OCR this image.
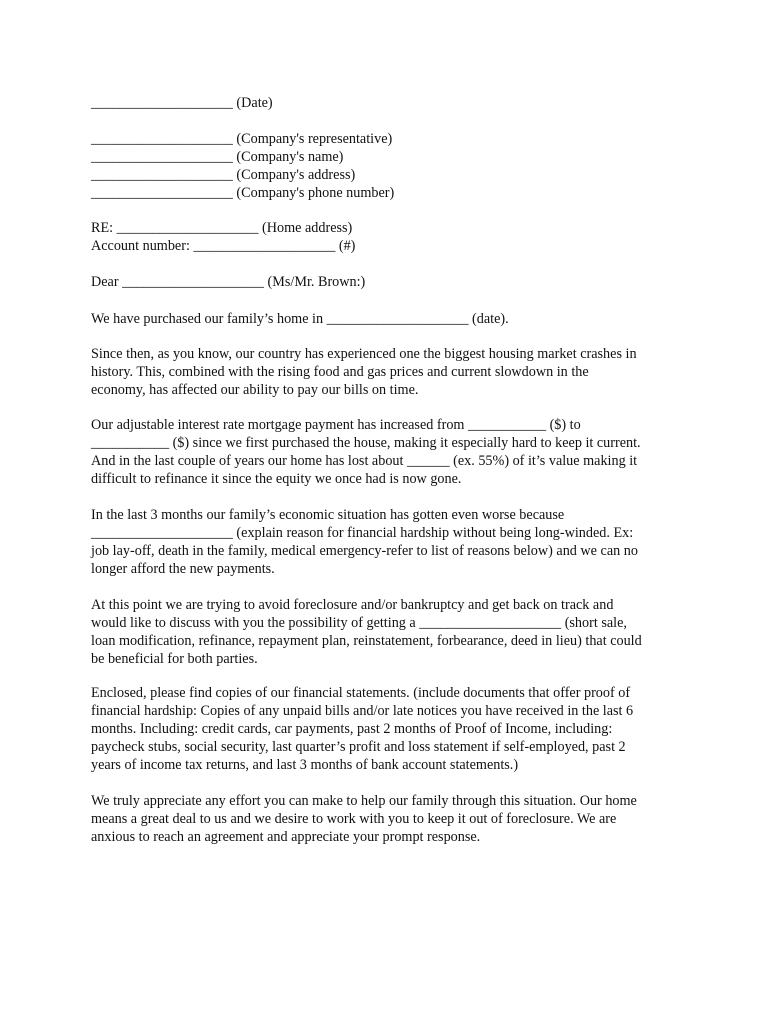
____________________ (Date)
____________________ (Company's representative)
____________________ (Company's name)
____________________ (Company's address)
____________________ (Company's phone number)
RE: ____________________ (Home address)
Account number: ____________________ (#)
Dear ____________________ (Ms/Mr. Brown:)
We have purchased our family’s home in ____________________ (date).
Since then, as you know, our country has experienced one the biggest housing market crashes in
history. This, combined with the rising food and gas prices and current slowdown in the
economy, has affected our ability to pay our bills on time.
Our adjustable interest rate mortgage payment has increased from ___________ ($) to
___________ ($) since we first purchased the house, making it especially hard to keep it current.
And in the last couple of years our home has lost about ______ (ex. 55%) of it’s value making it
difficult to refinance it since the equity we once had is now gone.
In the last 3 months our family’s economic situation has gotten even worse because
____________________ (explain reason for financial hardship without being long-winded. Ex:
job lay-off, death in the family, medical emergency-refer to list of reasons below) and we can no
longer afford the new payments.
At this point we are trying to avoid foreclosure and/or bankruptcy and get back on track and
would like to discuss with you the possibility of getting a ____________________ (short sale,
loan modification, refinance, repayment plan, reinstatement, forbearance, deed in lieu) that could
be beneficial for both parties.
Enclosed, please find copies of our financial statements. (include documents that offer proof of
financial hardship: Copies of any unpaid bills and/or late notices you have received in the last 6
months. Including: credit cards, car payments, past 2 months of Proof of Income, including:
paycheck stubs, social security, last quarter’s profit and loss statement if self-employed, past 2
years of income tax returns, and last 3 months of bank account statements.)
We truly appreciate any effort you can make to help our family through this situation. Our home
means a great deal to us and we desire to work with you to keep it out of foreclosure. We are
anxious to reach an agreement and appreciate your prompt response.
